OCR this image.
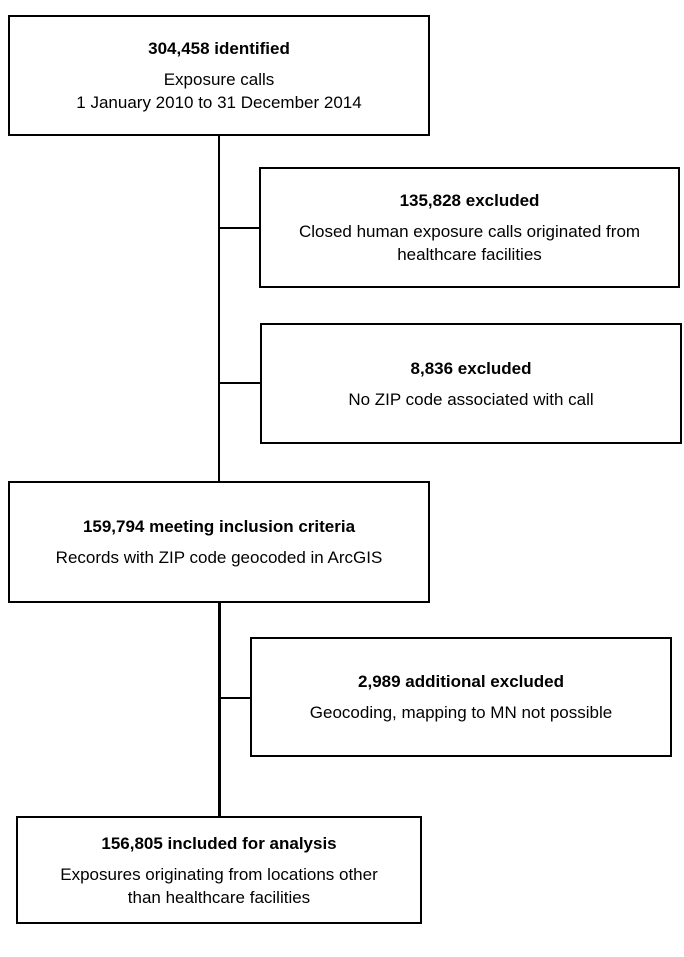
304,458 identified
Exposure calls
1 January 2010 to 31 December 2014
135,828 excluded
Closed human exposure calls originated from
healthcare facilities
8,836 excluded
No ZIP code associated with call
159,794 meeting inclusion criteria
Records with ZIP code geocoded in ArcGIS
2,989 additional excluded
Geocoding, mapping to MN not possible
156,805 included for analysis
Exposures originating from locations other
than healthcare facilities
